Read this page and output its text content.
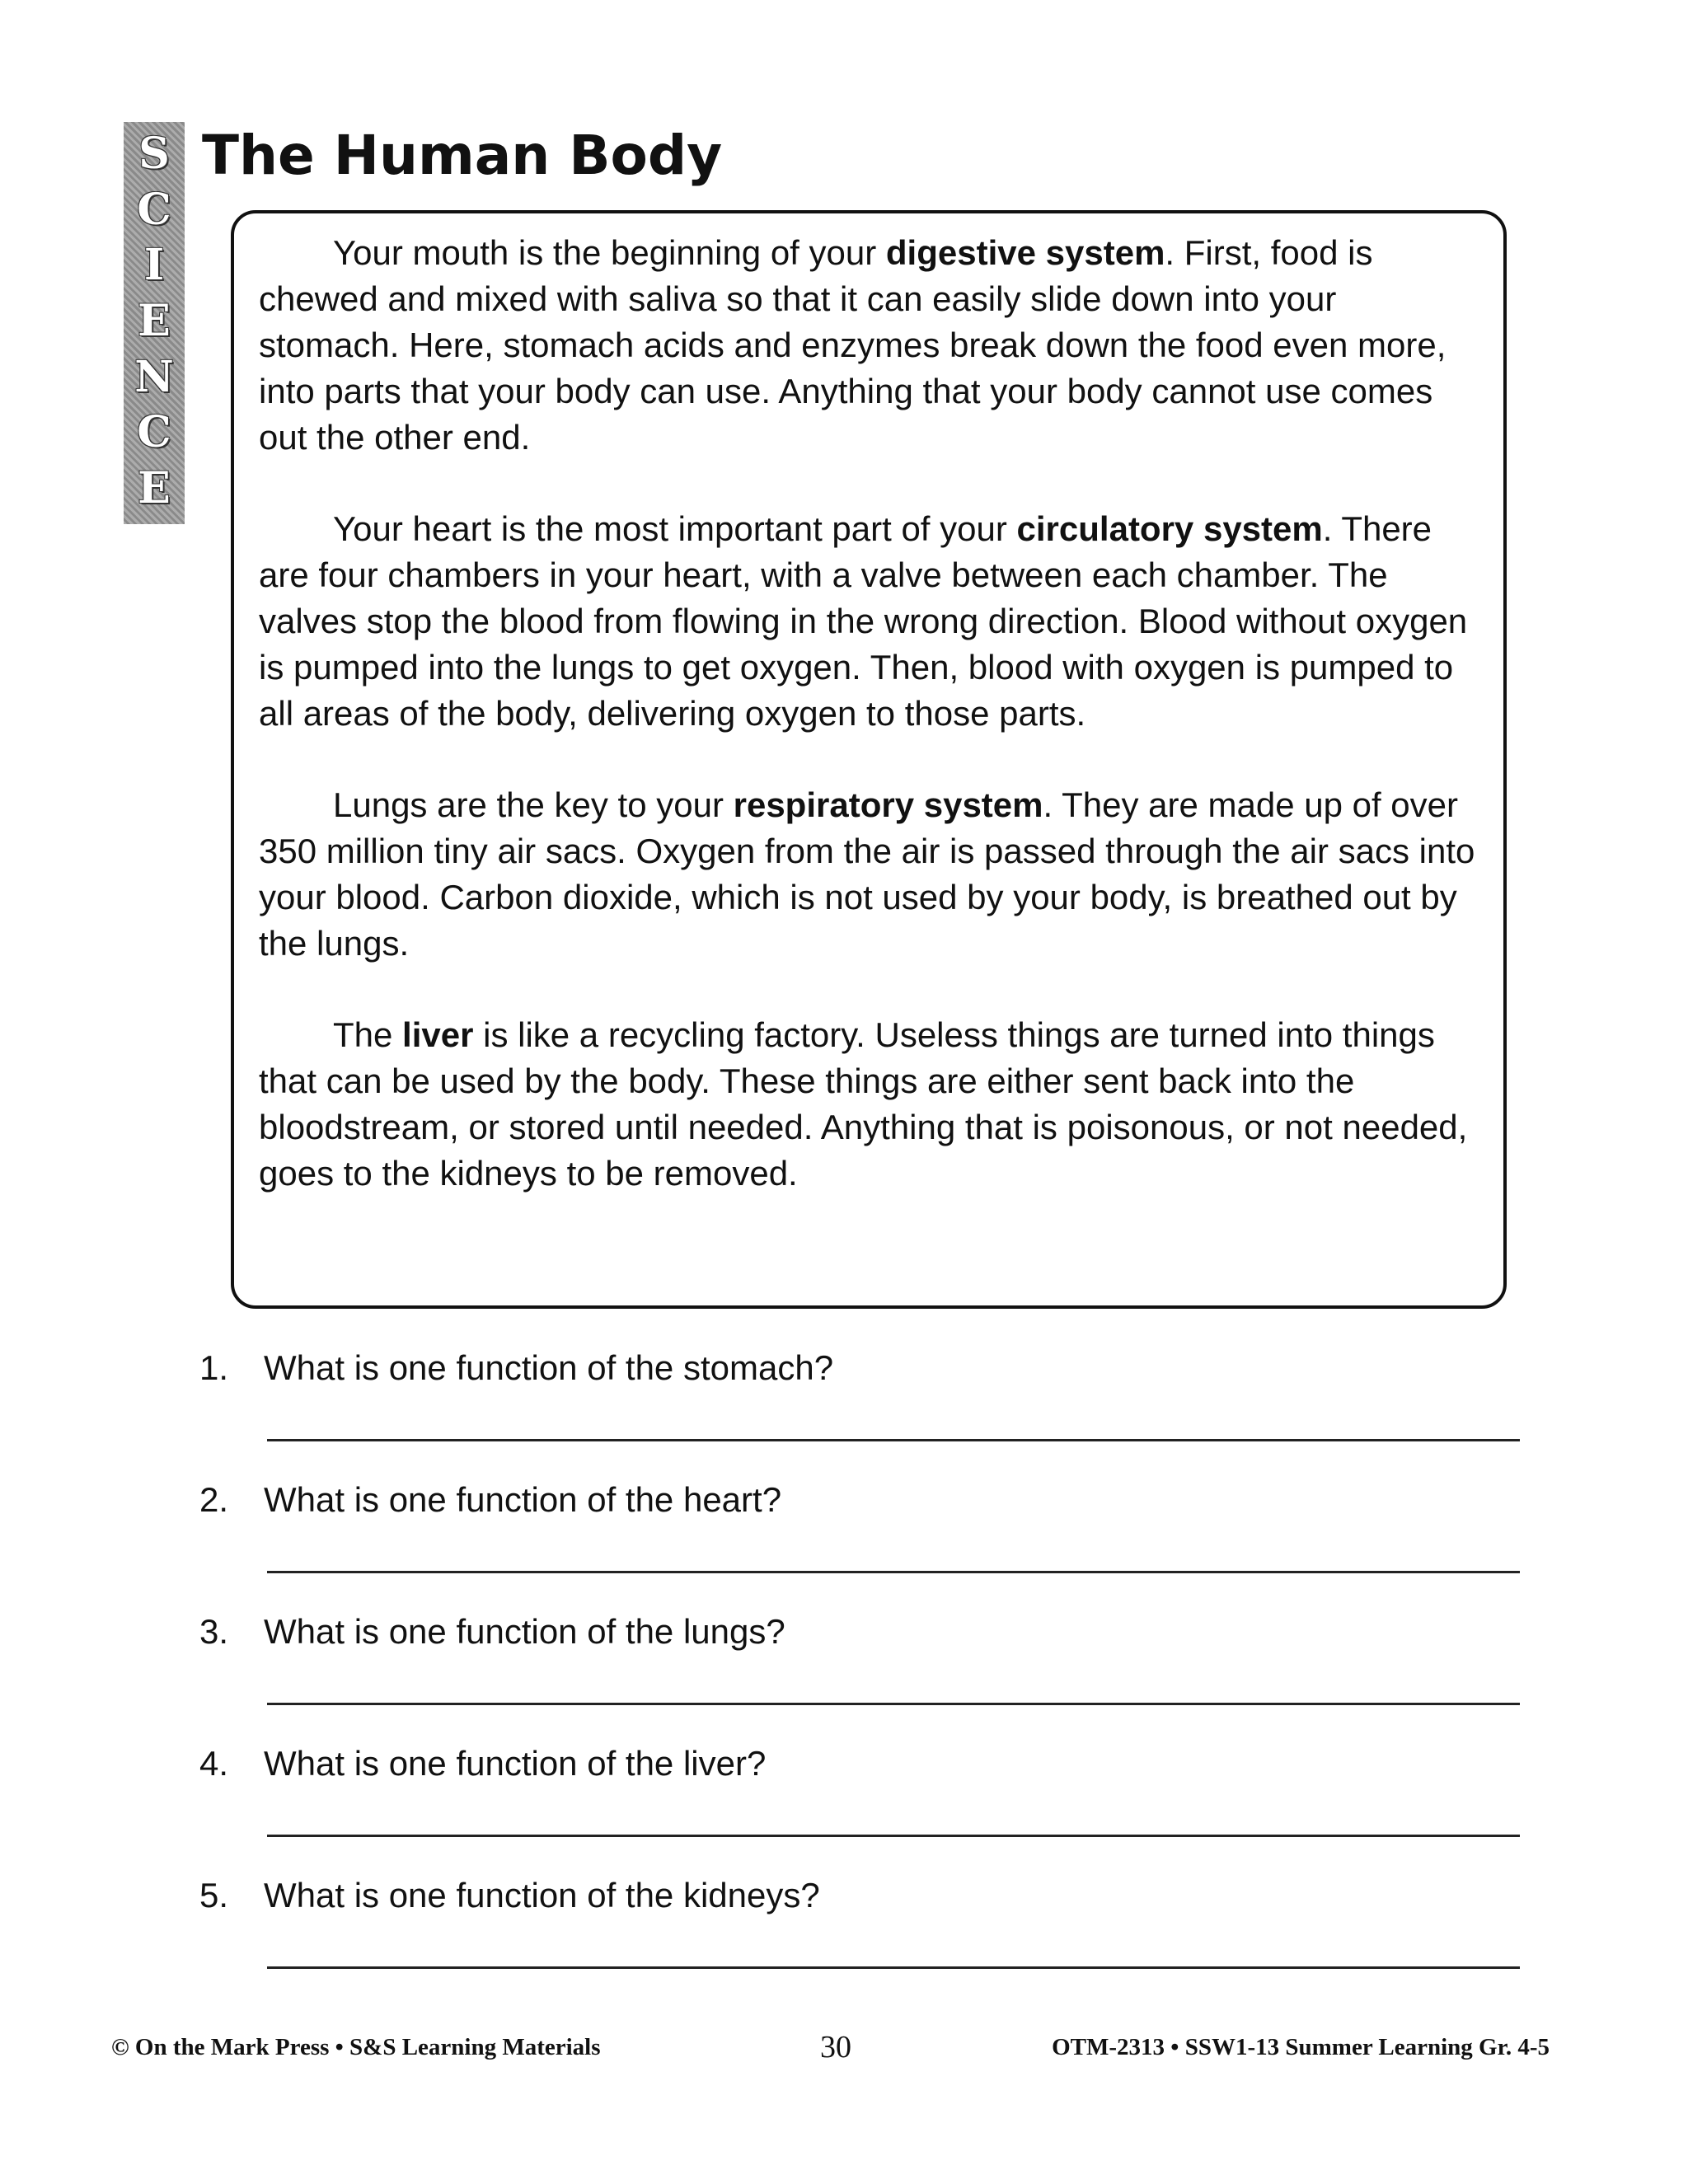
S
C
I
E
N
C
E
The Human Body

Your mouth is the beginning of your digestive system. First, food is chewed and mixed with saliva so that it can easily slide down into your stomach. Here, stomach acids and enzymes break down the food even more, into parts that your body can use. Anything that your body cannot use comes out the other end.

Your heart is the most important part of your circulatory system. There are four chambers in your heart, with a valve between each chamber. The valves stop the blood from flowing in the wrong direction. Blood without oxygen is pumped into the lungs to get oxygen. Then, blood with oxygen is pumped to all areas of the body, delivering oxygen to those parts.

Lungs are the key to your respiratory system. They are made up of over 350 million tiny air sacs. Oxygen from the air is passed through the air sacs into your blood. Carbon dioxide, which is not used by your body, is breathed out by the lungs.

The liver is like a recycling factory. Useless things are turned into things that can be used by the body. These things are either sent back into the bloodstream, or stored until needed. Anything that is poisonous, or not needed, goes to the kidneys to be removed.

1.	What is one function of the stomach?
2.	What is one function of the heart?
3.	What is one function of the lungs?
4.	What is one function of the liver?
5.	What is one function of the kidneys?
© On the Mark Press • S&S Learning Materials	30	OTM-2313 • SSW1-13 Summer Learning Gr. 4-5
